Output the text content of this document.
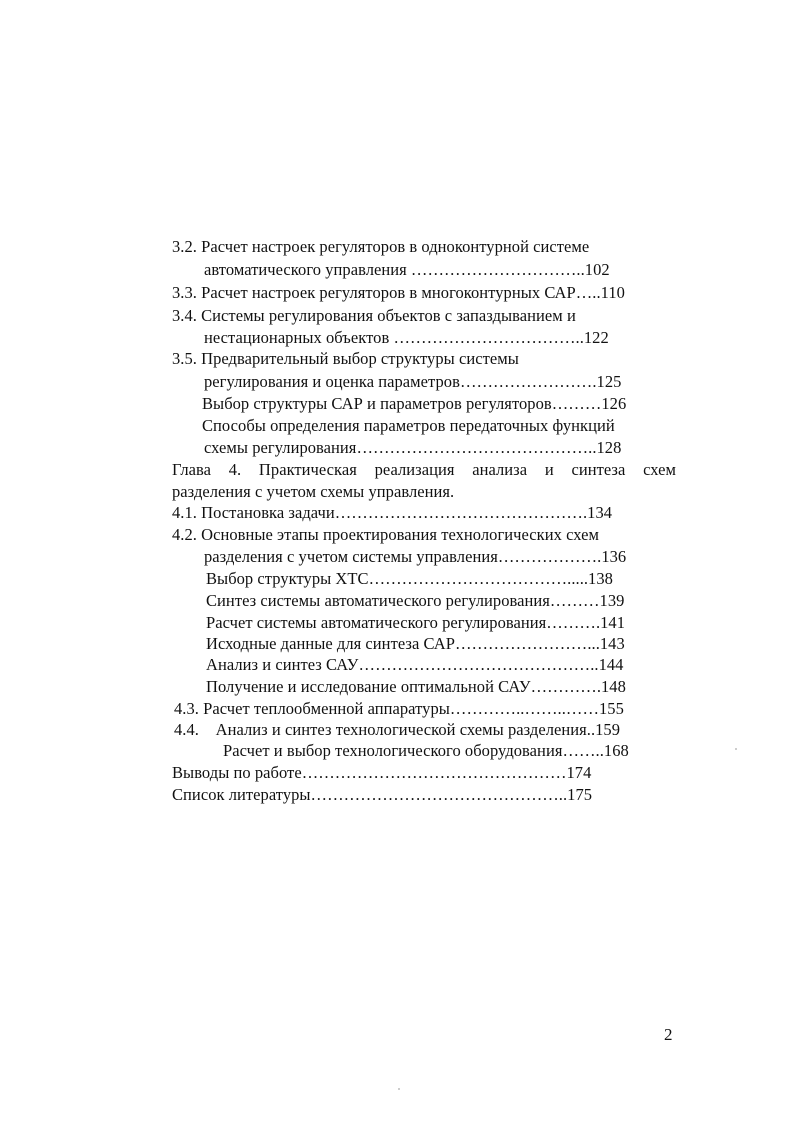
3.2. Расчет настроек регуляторов в одноконтурной системе
автоматического управления …………………………..102
3.3. Расчет настроек регуляторов в многоконтурных САР…..110
3.4. Системы регулирования объектов с запаздыванием и
нестационарных объектов ……………………………..122
3.5. Предварительный выбор структуры системы
регулирования и оценка параметров…………………….125
Выбор структуры САР и параметров регуляторов………126
Способы определения параметров передаточных функций
схемы регулирования……………………………………..128
Глава 4. Практическая реализация анализа и синтеза схем
разделения с учетом схемы управления.
4.1. Постановка задачи……………………………………….134
4.2. Основные этапы проектирования технологических схем
разделения с учетом системы управления……………….136
Выбор структуры ХТС……………………………….....138
Синтез системы автоматического регулирования………139
Расчет системы автоматического регулирования……….141
Исходные данные для синтеза САР……………………...143
Анализ и синтез САУ……………………………………..144
Получение и исследование оптимальной САУ………….148
4.3. Расчет теплообменной аппаратуры…………..……..……155
4.4.    Анализ и синтез технологической схемы разделения..159
Расчет и выбор технологического оборудования……..168
Выводы по работе…………………………………………174
Список литературы………………………………………..175
2
